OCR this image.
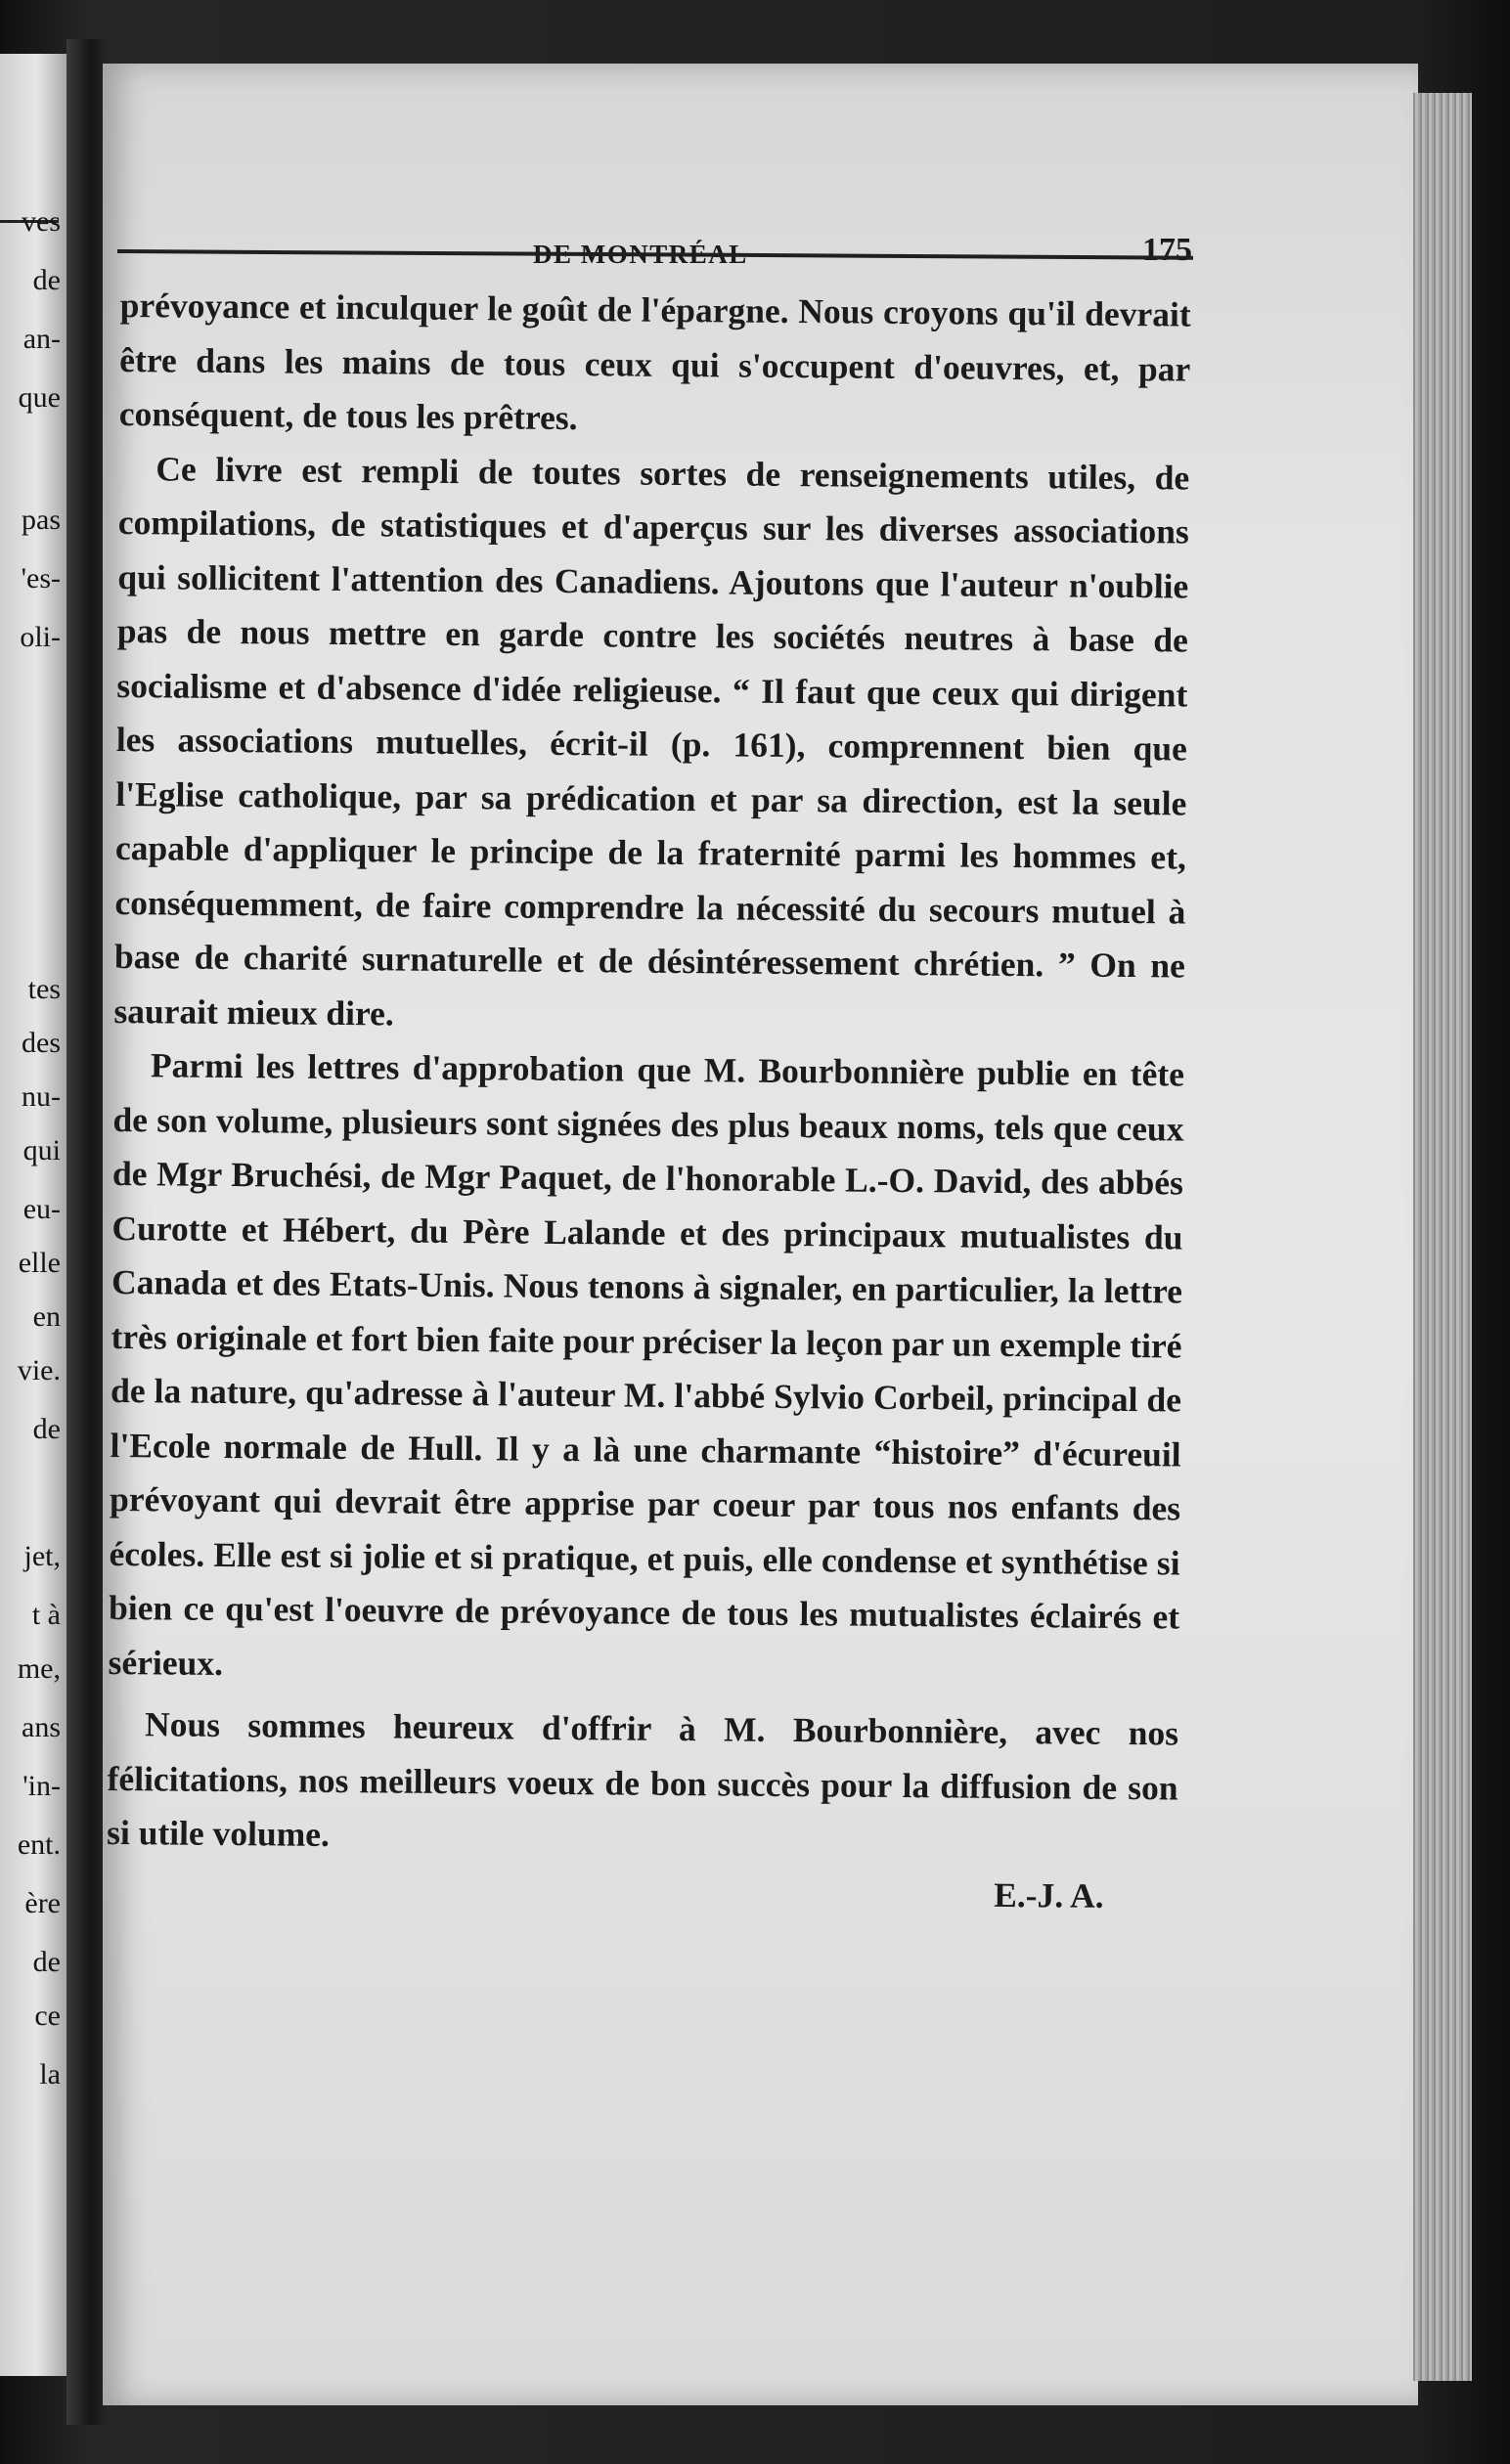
ves
de
an-
que
pas
'es-
oli-
tes
des
nu-
qui
eu-
elle
en
vie.
de
jet,
t à
me,
ans
'in-
ent.
ère
de
ce
la
175

prévoyance et inculquer le goût de l'épargne. Nous croyons qu'il devrait être dans les mains de tous ceux qui s'occupent d'oeuvres, et, par conséquent, de tous les prêtres.

Ce livre est rempli de toutes sortes de renseignements utiles, de compilations, de statistiques et d'aperçus sur les diverses associations qui sollicitent l'attention des Canadiens. Ajoutons que l'auteur n'oublie pas de nous mettre en garde contre les sociétés neutres à base de socialisme et d'absence d'idée religieuse. “ Il faut que ceux qui dirigent les associations mutuelles, écrit-il (p. 161), comprennent bien que l'Eglise catholique, par sa prédication et par sa direction, est la seule capable d'appliquer le principe de la fraternité parmi les hommes et, conséquemment, de faire comprendre la nécessité du secours mutuel à base de charité surnaturelle et de désintéressement chrétien. ” On ne saurait mieux dire.

Parmi les lettres d'approbation que M. Bourbonnière publie en tête de son volume, plusieurs sont signées des plus beaux noms, tels que ceux de Mgr Bruchési, de Mgr Paquet, de l'honorable L.-O. David, des abbés Curotte et Hébert, du Père Lalande et des principaux mutualistes du Canada et des Etats-Unis. Nous tenons à signaler, en particulier, la lettre très originale et fort bien faite pour préciser la leçon par un exemple tiré de la nature, qu'adresse à l'auteur M. l'abbé Sylvio Corbeil, principal de l'Ecole normale de Hull. Il y a là une charmante “histoire” d'écureuil prévoyant qui devrait être apprise par coeur par tous nos enfants des écoles. Elle est si jolie et si pratique, et puis, elle condense et synthétise si bien ce qu'est l'oeuvre de prévoyance de tous les mutualistes éclairés et sérieux.

Nous sommes heureux d'offrir à M. Bourbonnière, avec nos félicitations, nos meilleurs voeux de bon succès pour la diffusion de son si utile volume.

E.-J. A.
